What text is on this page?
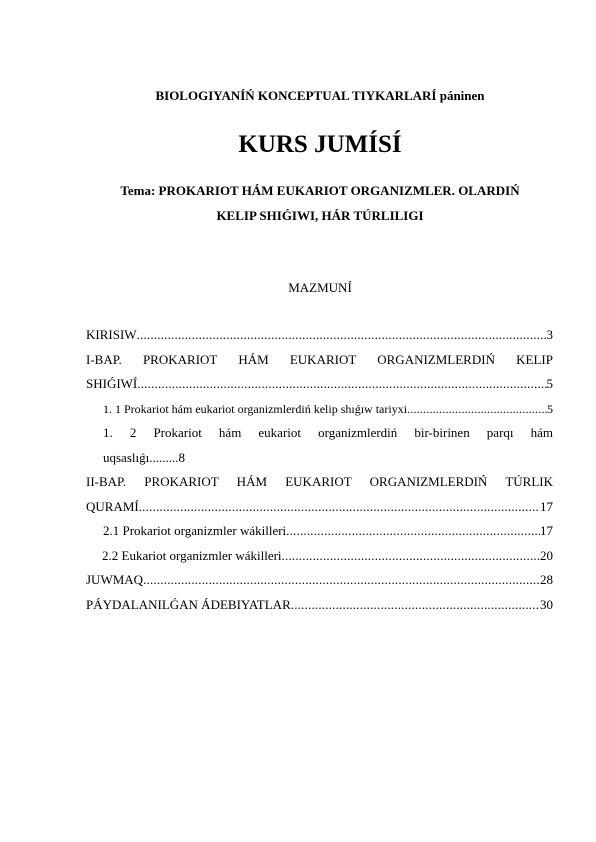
BIOLOGIYANÍŃ KONCEPTUAL TIYKARLARÍ páninen
KURS JUMÍSÍ
Tema: PROKARIOT HÁM EUKARIOT ORGANIZMLER. OLARDIŃ
KELIP SHIǴIWI, HÁR TÚRLILIGI
MAZMUNÍ
KIRISIW .....	3
I-BAP. PROKARIOT HÁM EUKARIOT ORGANIZMLERDIŃ KELIP
SHIǴIWÍ .....	5
1. 1 Prokariot hám eukariot organizmlerdiń kelip shıǵıw tariyxi .....	5
1. 2 Prokariot hám eukariot organizmlerdiń bir-birinen parqı hám
uqsaslıǵı ......... 8
II-BAP. PROKARIOT HÁM EUKARIOT ORGANIZMLERDIŃ TÚRLIK
QURAMÍ .....	17
2.1 Prokariot organizmler wákilleri .....	17
2.2 Eukariot organizmler wákilleri .....	20
JUWMAQ .....	28
PÁYDALANILǴAN ÁDEBIYATLAR .....	30
